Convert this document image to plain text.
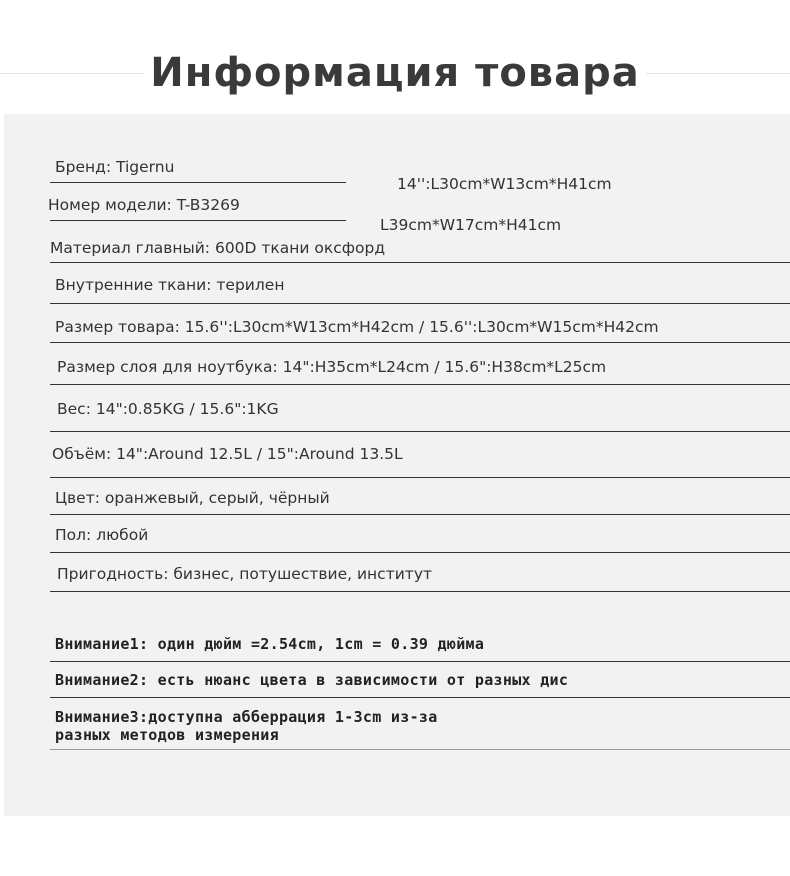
Информация товара
Бренд: Tigernu
Номер модели: T-B3269
14'':L30cm*W13cm*H41cm
L39cm*W17cm*H41cm
Материал главный: 600D ткани оксфорд
Внутренние ткани: терилен
Размер товара: 15.6'':L30cm*W13cm*H42cm / 15.6'':L30cm*W15cm*H42cm
Размер слоя для ноутбука: 14":H35cm*L24cm / 15.6":H38cm*L25cm
Вес: 14":0.85KG / 15.6":1KG
Объём: 14":Around 12.5L / 15":Around 13.5L
Цвет: оранжевый, серый, чёрный
Пол: любой
Пригодность: бизнес, потушествие, институт
Внимание1: один дюйм =2.54cm, 1cm = 0.39 дюйма
Внимание2: есть нюанс цвета в зависимости от разных дис
Внимание3:доступна абберрация 1-3cm из-за
разных методов измерения
